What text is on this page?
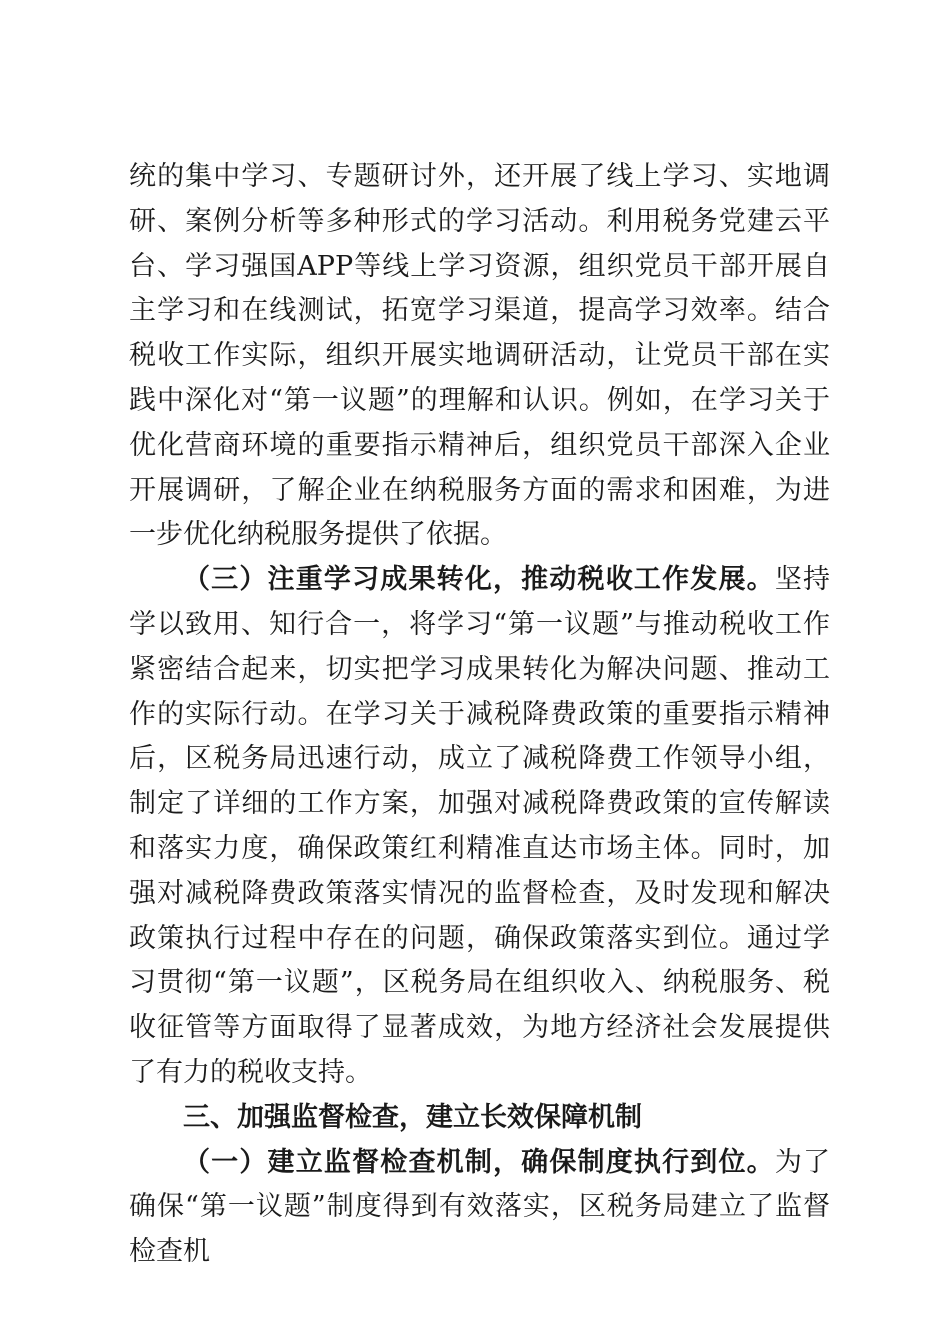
统的集中学习、专题研讨外，还开展了线上学习、实地调研、案例分析等多种形式的学习活动。利用税务党建云平台、学习强国APP等线上学习资源，组织党员干部开展自主学习和在线测试，拓宽学习渠道，提高学习效率。结合税收工作实际，组织开展实地调研活动，让党员干部在实践中深化对“第一议题”的理解和认识。例如，在学习关于优化营商环境的重要指示精神后，组织党员干部深入企业开展调研，了解企业在纳税服务方面的需求和困难，为进一步优化纳税服务提供了依据。

（三）注重学习成果转化，推动税收工作发展。坚持学以致用、知行合一，将学习“第一议题”与推动税收工作紧密结合起来，切实把学习成果转化为解决问题、推动工作的实际行动。在学习关于减税降费政策的重要指示精神后，区税务局迅速行动，成立了减税降费工作领导小组，制定了详细的工作方案，加强对减税降费政策的宣传解读和落实力度，确保政策红利精准直达市场主体。同时，加强对减税降费政策落实情况的监督检查，及时发现和解决政策执行过程中存在的问题，确保政策落实到位。通过学习贯彻“第一议题”，区税务局在组织收入、纳税服务、税收征管等方面取得了显著成效，为地方经济社会发展提供了有力的税收支持。

三、加强监督检查，建立长效保障机制

（一）建立监督检查机制，确保制度执行到位。为了确保“第一议题”制度得到有效落实，区税务局建立了监督检查机
